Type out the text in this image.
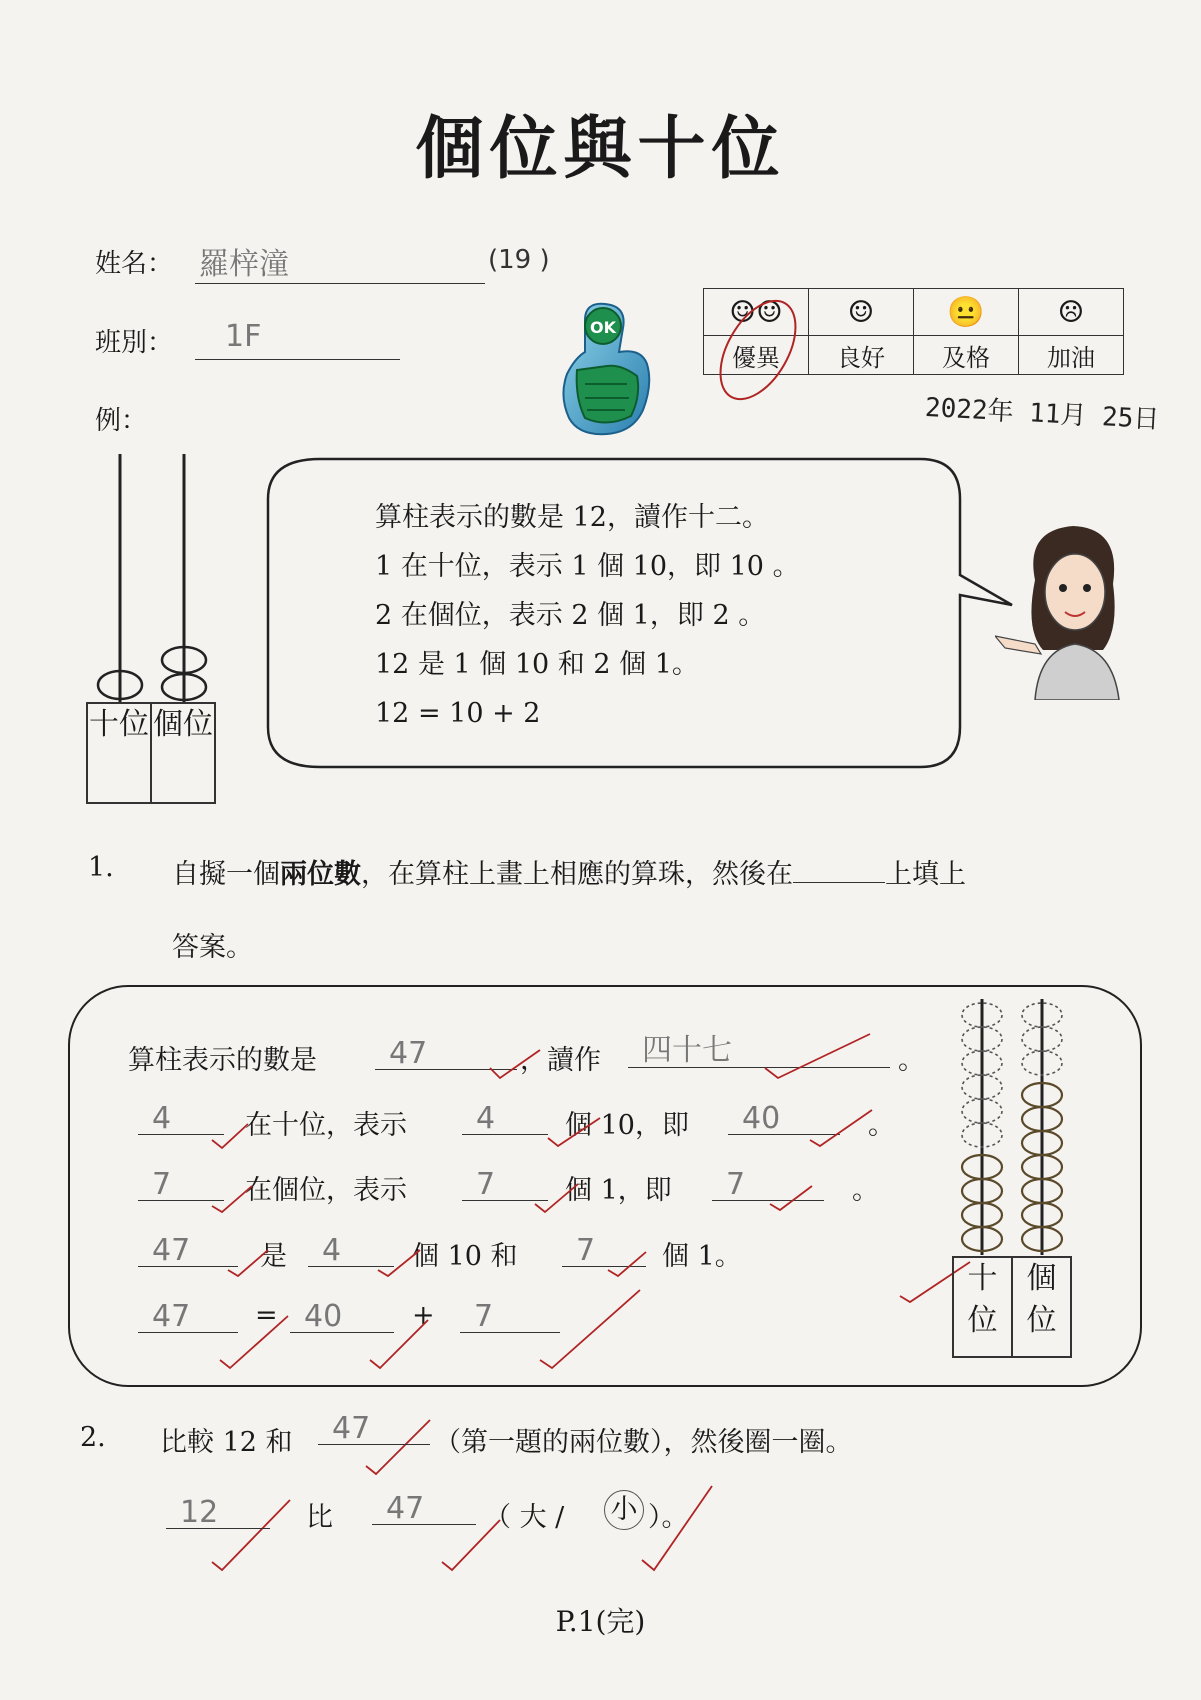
個位與十位
姓名： 羅梓潼	(19 )
班別： 1F
例：
OK	☺☺	☺	😐	☹
優異	良好	及格	加油
2022年 11月 25日
十位 個位
算柱表示的數是 12，讀作十二。
1 在十位，表示 1 個 10，即 10 。
2 在個位，表示 2 個 1，即 2 。
12 是 1 個 10 和 2 個 1。
12 = 10 + 2
1. 自擬一個兩位數，在算柱上畫上相應的算珠，然後在	上填上
答案。
算柱表示的數是 47	，讀作 四十七	。
4	在十位，表示 4	個 10，即 40	。
7	在個位，表示 7	個 1，即 7	。
47	是 4	個 10 和 7 個 1。
47 = 40	+ 7
十位
個位
2. 比較 12 和 47 （第一題的兩位數），然後圈一圈。
12	比 47 （ 大 / 小 ）。
P.1(完)
